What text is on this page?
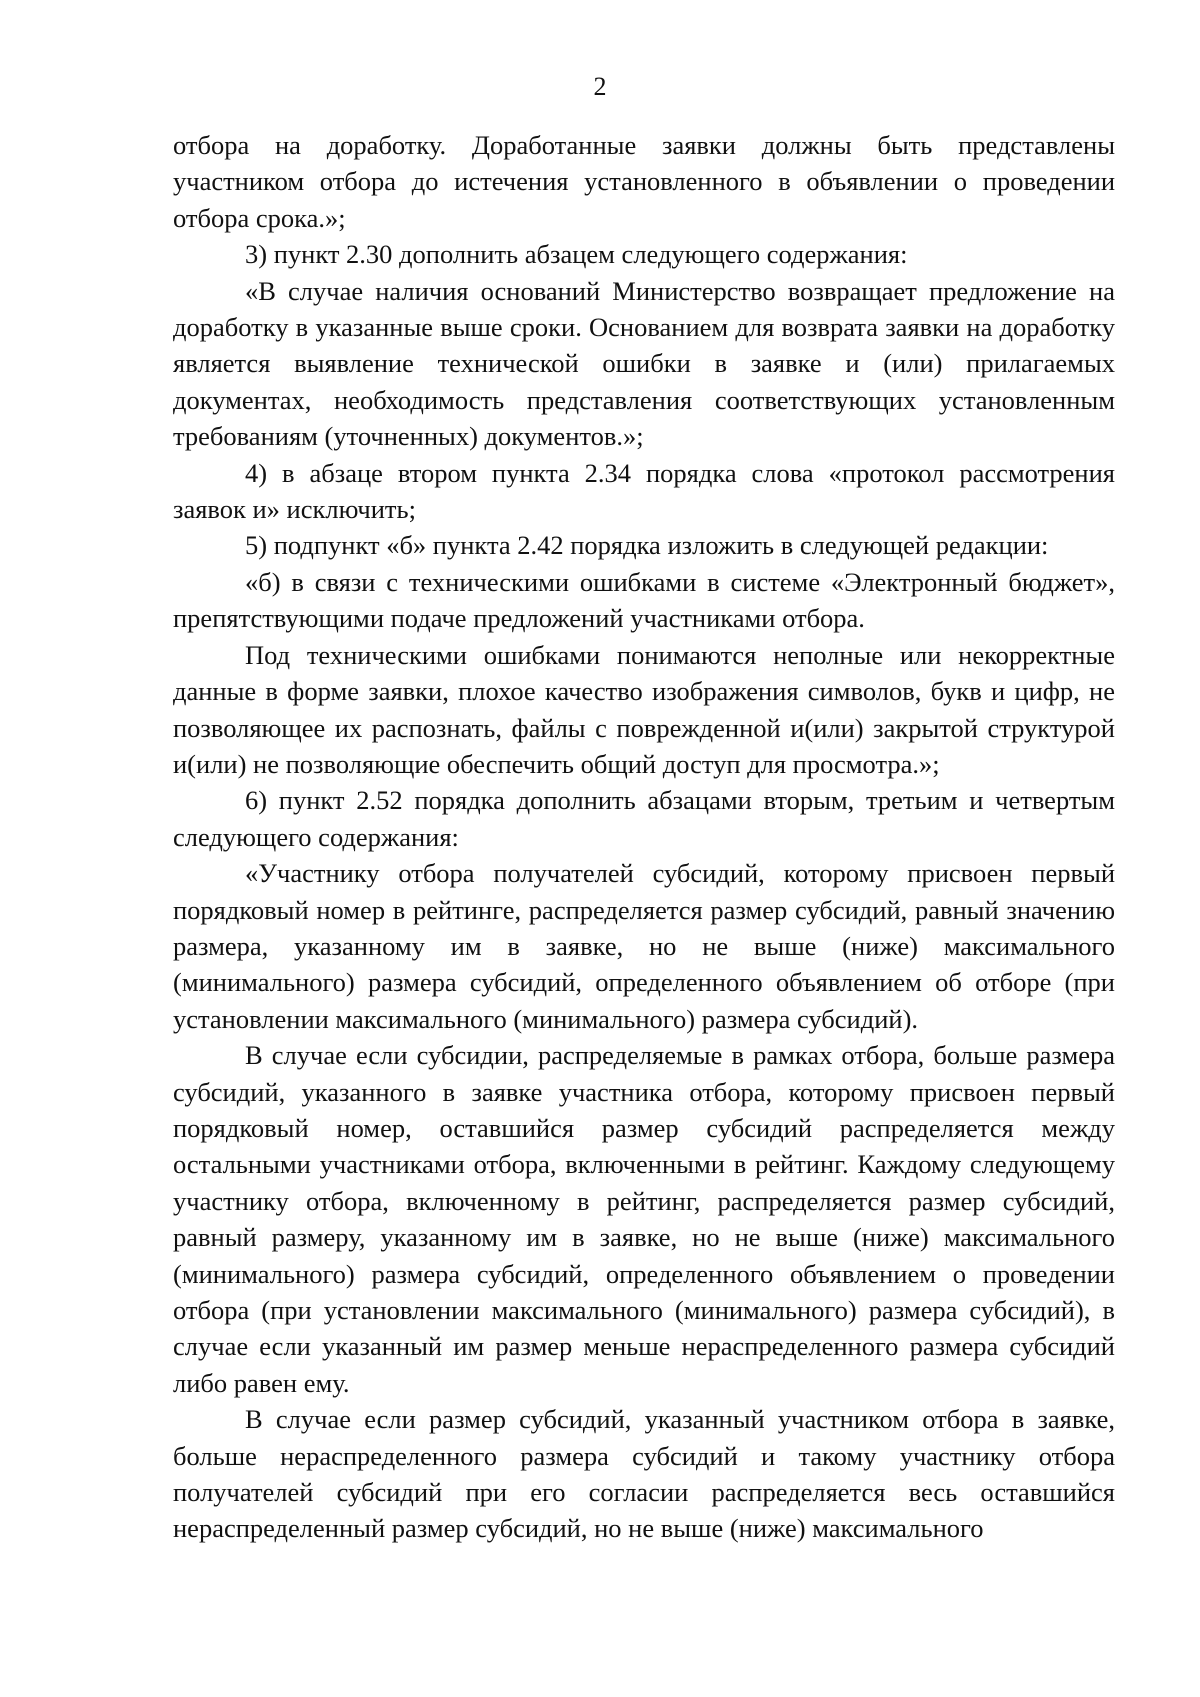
2

отбора на доработку. Доработанные заявки должны быть представлены участником отбора до истечения установленного в объявлении о проведении отбора срока.»;

3) пункт 2.30 дополнить абзацем следующего содержания:

«В случае наличия оснований Министерство возвращает предложение на доработку в указанные выше сроки. Основанием для возврата заявки на доработку является выявление технической ошибки в заявке и (или) прилагаемых документах, необходимость представления соответствующих установленным требованиям (уточненных) документов.»;

4) в абзаце втором пункта 2.34 порядка слова «протокол рассмотрения заявок и» исключить;

5) подпункт «б» пункта 2.42 порядка изложить в следующей редакции:

«б) в связи с техническими ошибками в системе «Электронный бюджет», препятствующими подаче предложений участниками отбора.

Под техническими ошибками понимаются неполные или некорректные данные в форме заявки, плохое качество изображения символов, букв и цифр, не позволяющее их распознать, файлы с поврежденной и(или) закрытой структурой и(или) не позволяющие обеспечить общий доступ для просмотра.»;

6) пункт 2.52 порядка дополнить абзацами вторым, третьим и четвертым следующего содержания:

«Участнику отбора получателей субсидий, которому присвоен первый порядковый номер в рейтинге, распределяется размер субсидий, равный значению размера, указанному им в заявке, но не выше (ниже) максимального (минимального) размера субсидий, определенного объявлением об отборе (при установлении максимального (минимального) размера субсидий).

В случае если субсидии, распределяемые в рамках отбора, больше размера субсидий, указанного в заявке участника отбора, которому присвоен первый порядковый номер, оставшийся размер субсидий распределяется между остальными участниками отбора, включенными в рейтинг. Каждому следующему участнику отбора, включенному в рейтинг, распределяется размер субсидий, равный размеру, указанному им в заявке, но не выше (ниже) максимального (минимального) размера субсидий, определенного объявлением о проведении отбора (при установлении максимального (минимального) размера субсидий), в случае если указанный им размер меньше нераспределенного размера субсидий либо равен ему.

В случае если размер субсидий, указанный участником отбора в заявке, больше нераспределенного размера субсидий и такому участнику отбора получателей субсидий при его согласии распределяется весь оставшийся нераспределенный размер субсидий, но не выше (ниже) максимального
